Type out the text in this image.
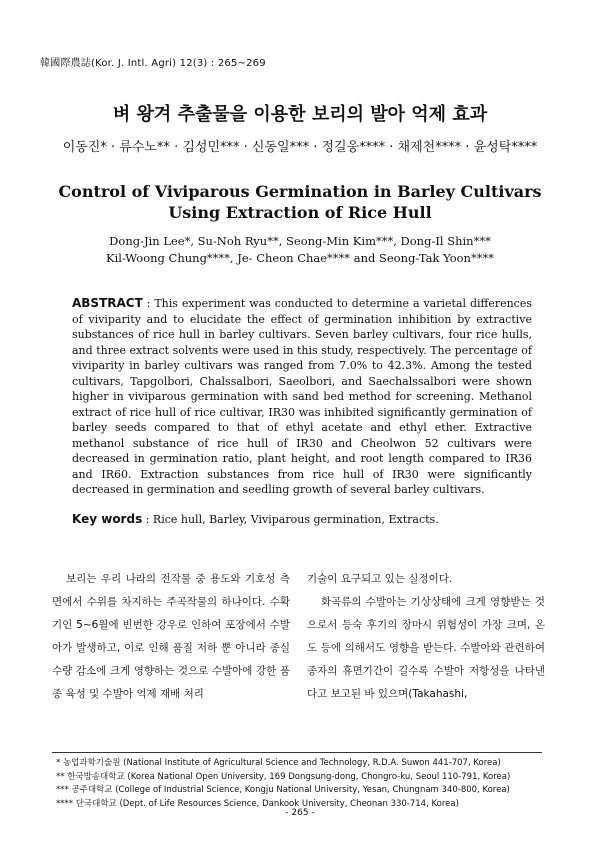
韓國際農誌(Kor. J. Intl. Agri) 12(3) : 265~269
벼 왕겨 추출물을 이용한 보리의 발아 억제 효과
이동진* · 류수노** · 김성민*** · 신동일*** · 정길웅**** · 채제천**** · 윤성탁****
Control of Viviparous Germination in Barley Cultivars
Using Extraction of Rice Hull
Dong-Jin Lee*, Su-Noh Ryu**, Seong-Min Kim***, Dong-Il Shin***
Kil-Woong Chung****, Je- Cheon Chae**** and Seong-Tak Yoon****
ABSTRACT : This experiment was conducted to determine a varietal differences of viviparity and to elucidate the effect of germination inhibition by extractive substances of rice hull in barley cultivars. Seven barley cultivars, four rice hulls, and three extract solvents were used in this study, respectively. The percentage of viviparity in barley cultivars was ranged from 7.0% to 42.3%. Among the tested cultivars, Tapgolbori, Chalssalbori, Saeolbori, and Saechalssalbori were shown higher in viviparous germination with sand bed method for screening. Methanol extract of rice hull of rice cultivar, IR30 was inhibited significantly germination of barley seeds compared to that of ethyl acetate and ethyl ether. Extractive methanol substance of rice hull of IR30 and Cheolwon 52 cultivars were decreased in germination ratio, plant height, and root length compared to IR36 and IR60. Extraction substances from rice hull of IR30 were significantly decreased in germination and seedling growth of several barley cultivars.
Key words : Rice hull, Barley, Viviparous germination, Extracts.

보리는 우리 나라의 전작물 중 용도와 기호성 측면에서 수위를 차지하는 주곡작물의 하나이다. 수확기인 5~6월에 빈번한 강우로 인하여 포장에서 수발아가 발생하고, 이로 인해 품질 저하 뿐 아니라 종실 수량 감소에 크게 영향하는 것으로 수발아에 강한 품종 육성 및 수발아 억제 재배 처리

기술이 요구되고 있는 실정이다.

화곡류의 수발아는 기상상태에 크게 영향받는 것으로서 등숙 후기의 장마시 위험성이 가장 크며, 온도 등에 의해서도 영향을 받는다. 수발아와 관련하여 종자의 휴면기간이 길수록 수발아 저항성을 나타낸다고 보고된 바 있으며(Takahashi,

* 농업과학기술원 (National Institute of Agricultural Science and Technology, R.D.A. Suwon 441-707, Korea)
** 한국방송대학교 (Korea National Open University, 169 Dongsung-dong, Chongro-ku, Seoul 110-791, Korea)
*** 공주대학교 (College of Industrial Science, Kongju National University, Yesan, Chungnam 340-800, Korea)
**** 단국대학교 (Dept. of Life Resources Science, Dankook University, Cheonan 330-714, Korea)
- 265 -
